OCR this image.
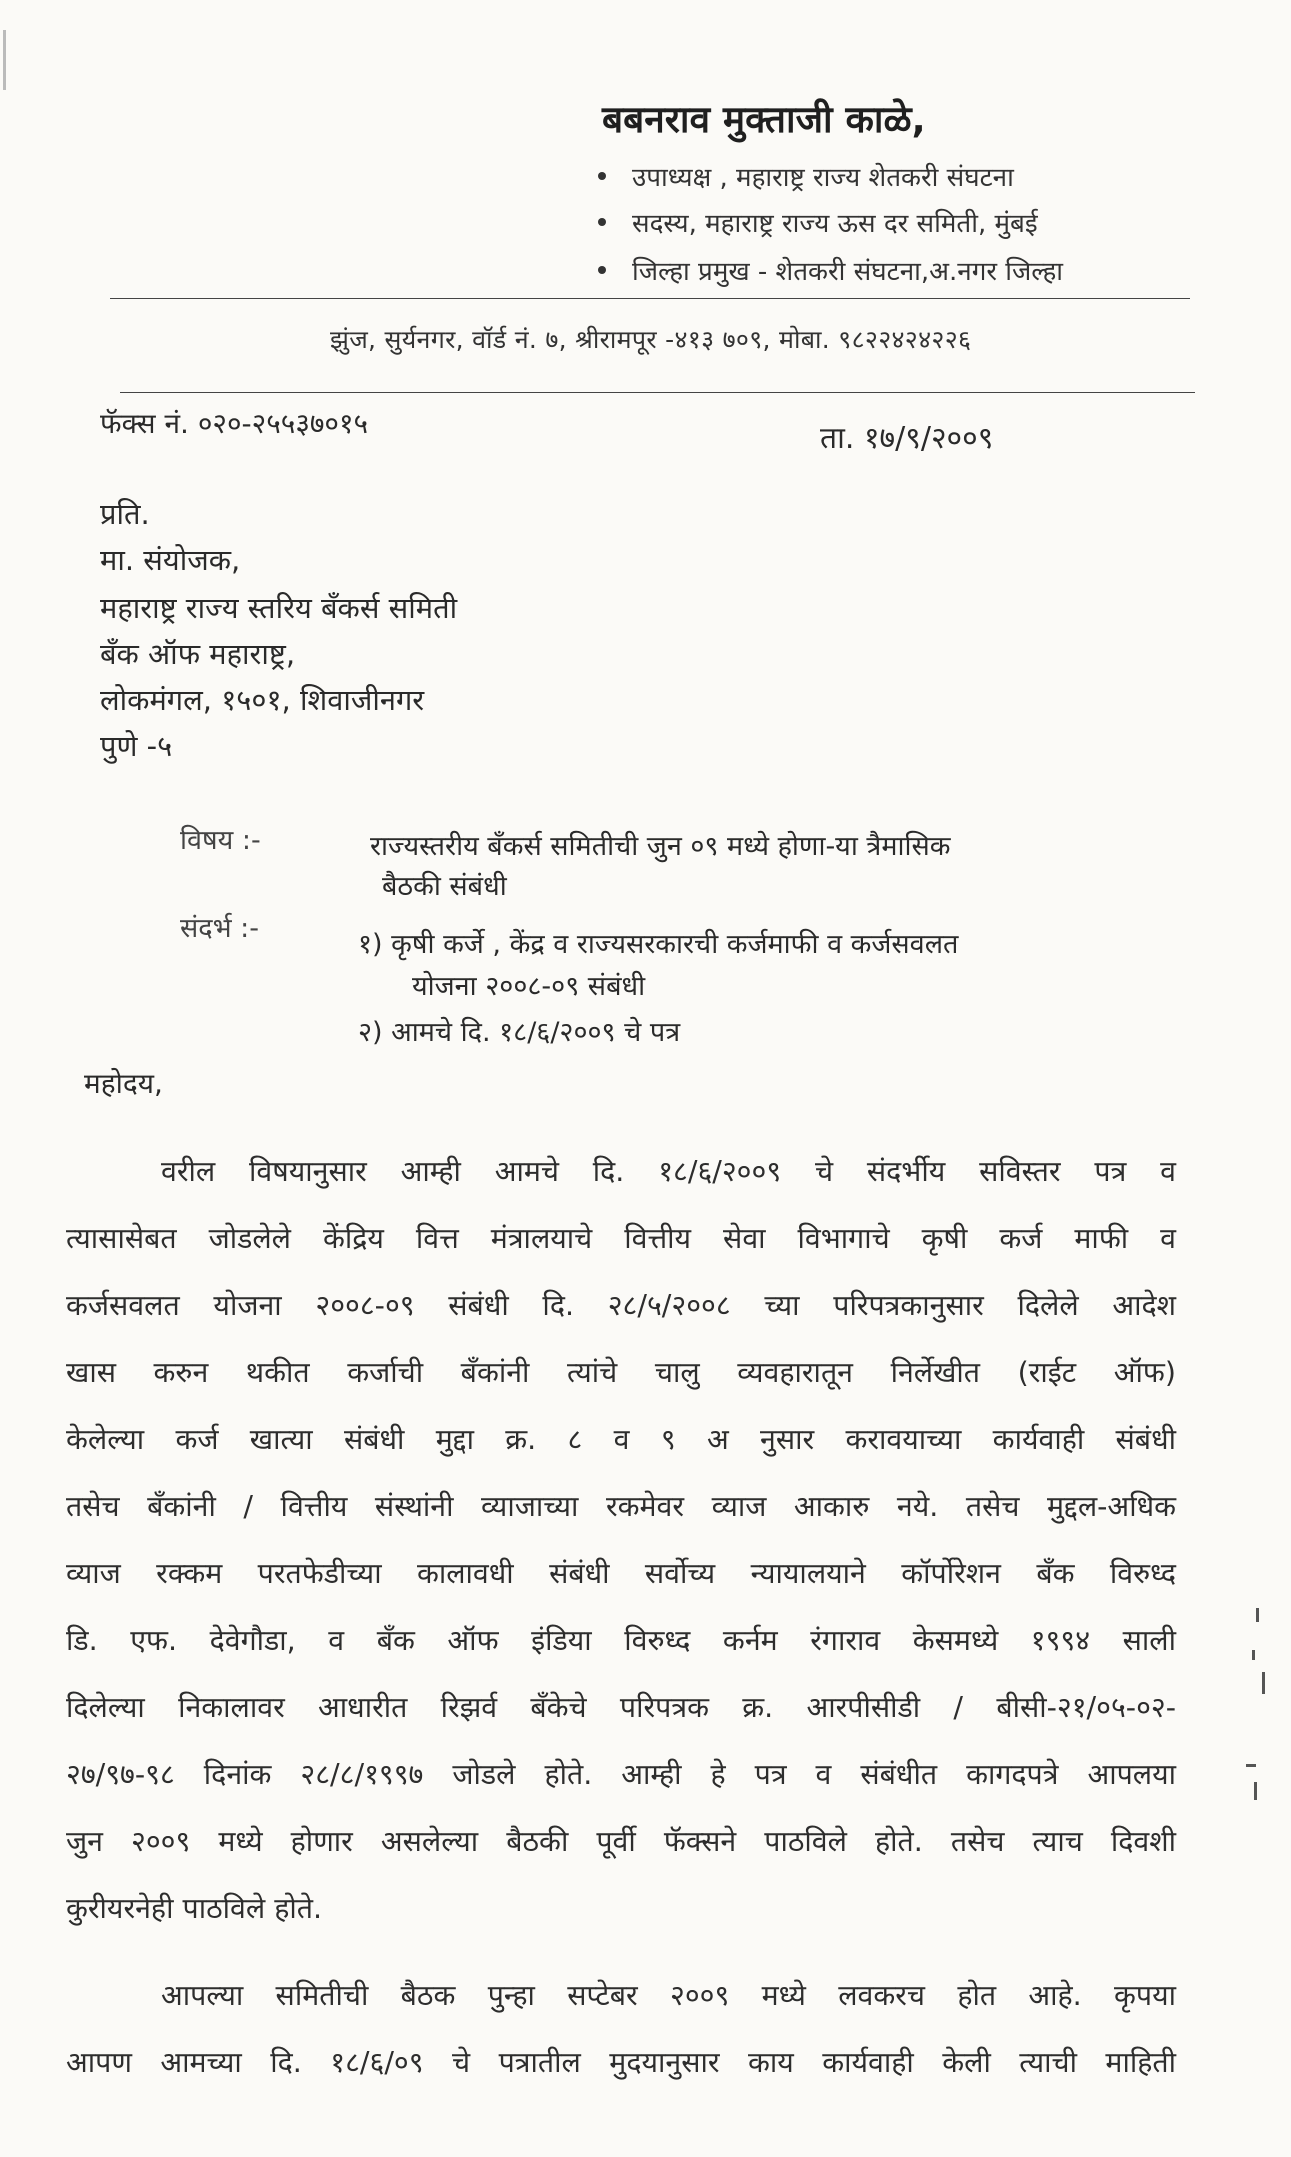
बबनराव मुक्ताजी काळे,
उपाध्यक्ष , महाराष्ट्र राज्य शेतकरी संघटना
सदस्य, महाराष्ट्र राज्य ऊस दर समिती, मुंबई
जिल्हा प्रमुख - शेतकरी संघटना,अ.नगर जिल्हा
झुंज, सुर्यनगर, वॉर्ड नं. ७, श्रीरामपूर -४१३ ७०९, मोबा. ९८२२४२४२२६
फॅक्स नं. ०२०-२५५३७०१५	ता. १७/९/२००९
प्रति.
मा. संयोजक,
महाराष्ट्र राज्य स्तरिय बँकर्स समिती
बँक ऑफ महाराष्ट्र,
लोकमंगल, १५०१, शिवाजीनगर
पुणे -५
विषय :-	राज्यस्तरीय बँकर्स समितीची जुन ०९ मध्ये होणा-या त्रैमासिक
बैठकी संबंधी
संदर्भ :-
१) कृषी कर्जे , केंद्र व राज्यसरकारची कर्जमाफी व कर्जसवलत
योजना २००८-०९ संबंधी
२) आमचे दि. १८/६/२००९ चे पत्र
महोदय,
वरील विषयानुसार आम्ही आमचे दि. १८/६/२००९ चे संदर्भीय सविस्तर पत्र व
त्यासासेबत जोडलेले केंद्रिय वित्त मंत्रालयाचे वित्तीय सेवा विभागाचे कृषी कर्ज माफी व
कर्जसवलत योजना २००८-०९ संबंधी दि. २८/५/२००८ च्या परिपत्रकानुसार दिलेले आदेश
खास करुन थकीत कर्जाची बँकांनी त्यांचे चालु व्यवहारातून निर्लेखीत (राईट ऑफ)
केलेल्या कर्ज खात्या संबंधी मुद्दा क्र. ८ व ९ अ नुसार करावयाच्या कार्यवाही संबंधी
तसेच बँकांनी / वित्तीय संस्थांनी व्याजाच्या रकमेवर व्याज आकारु नये. तसेच मुद्दल-अधिक
व्याज रक्कम परतफेडीच्या कालावधी संबंधी सर्वोच्य न्यायालयाने कॉर्पोरेशन बँक विरुध्द
डि. एफ. देवेगौडा, व बँक ऑफ इंडिया विरुध्द कर्नम रंगाराव केसमध्ये १९९४ साली
दिलेल्या निकालावर आधारीत रिझर्व बँकेचे परिपत्रक क्र. आरपीसीडी / बीसी-२१/०५-०२-
२७/९७-९८ दिनांक २८/८/१९९७ जोडले होते. आम्ही हे पत्र व संबंधीत कागदपत्रे आपलया
जुन २००९ मध्ये होणार असलेल्या बैठकी पूर्वी फॅक्सने पाठविले होते. तसेच त्याच दिवशी
कुरीयरनेही पाठविले होते.
आपल्या समितीची बैठक पुन्हा सप्टेबर २००९ मध्ये लवकरच होत आहे. कृपया
आपण आमच्या दि. १८/६/०९ चे पत्रातील मुदयानुसार काय कार्यवाही केली त्याची माहिती
